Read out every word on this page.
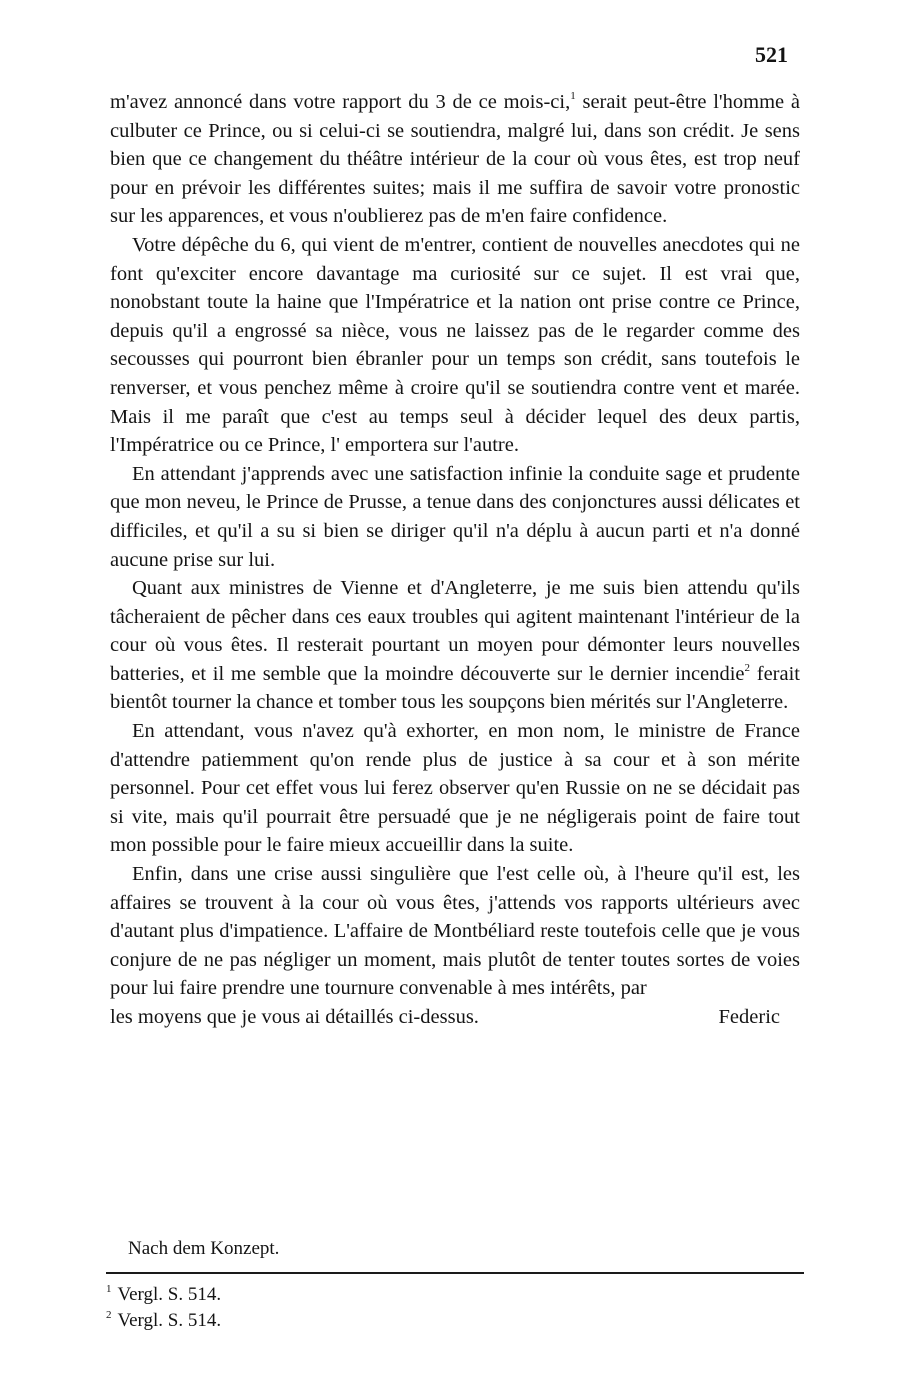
521

m'avez annoncé dans votre rapport du 3 de ce mois-ci,$^1$ serait peut-être l'homme à culbuter ce Prince, ou si celui-ci se soutiendra, malgré lui, dans son crédit. Je sens bien que ce changement du théâtre intérieur de la cour où vous êtes, est trop neuf pour en prévoir les différentes suites; mais il me suffira de savoir votre pronostic sur les apparences, et vous n'oublierez pas de m'en faire confidence.

Votre dépêche du 6, qui vient de m'entrer, contient de nouvelles anecdotes qui ne font qu'exciter encore davantage ma curiosité sur ce sujet. Il est vrai que, nonobstant toute la haine que l'Impératrice et la nation ont prise contre ce Prince, depuis qu'il a engrossé sa nièce, vous ne laissez pas de le regarder comme des secousses qui pourront bien ébranler pour un temps son crédit, sans toutefois le renverser, et vous penchez même à croire qu'il se soutiendra contre vent et marée. Mais il me paraît que c'est au temps seul à décider lequel des deux partis, l'Impératrice ou ce Prince, l' emportera sur l'autre.

En attendant j'apprends avec une satisfaction infinie la conduite sage et prudente que mon neveu, le Prince de Prusse, a tenue dans des conjonctures aussi délicates et difficiles, et qu'il a su si bien se diriger qu'il n'a déplu à aucun parti et n'a donné aucune prise sur lui.

Quant aux ministres de Vienne et d'Angleterre, je me suis bien attendu qu'ils tâcheraient de pêcher dans ces eaux troubles qui agitent maintenant l'intérieur de la cour où vous êtes. Il resterait pourtant un moyen pour démonter leurs nouvelles batteries, et il me semble que la moindre découverte sur le dernier incendie$^2$ ferait bientôt tourner la chance et tomber tous les soupçons bien mérités sur l'Angleterre.

En attendant, vous n'avez qu'à exhorter, en mon nom, le ministre de France d'attendre patiemment qu'on rende plus de justice à sa cour et à son mérite personnel. Pour cet effet vous lui ferez observer qu'en Russie on ne se décidait pas si vite, mais qu'il pourrait être persuadé que je ne négligerais point de faire tout mon possible pour le faire mieux accueillir dans la suite.

Enfin, dans une crise aussi singulière que l'est celle où, à l'heure qu'il est, les affaires se trouvent à la cour où vous êtes, j'attends vos rapports ultérieurs avec d'autant plus d'impatience. L'affaire de Montbéliard reste toutefois celle que je vous conjure de ne pas négliger un moment, mais plutôt de tenter toutes sortes de voies pour lui faire prendre une tournure convenable à mes intérêts, par

les moyens que je vous ai détaillés ci-dessus.	Federic
Nach dem Konzept.
$^1$ Vergl. S. 514.
$^2$ Vergl. S. 514.
